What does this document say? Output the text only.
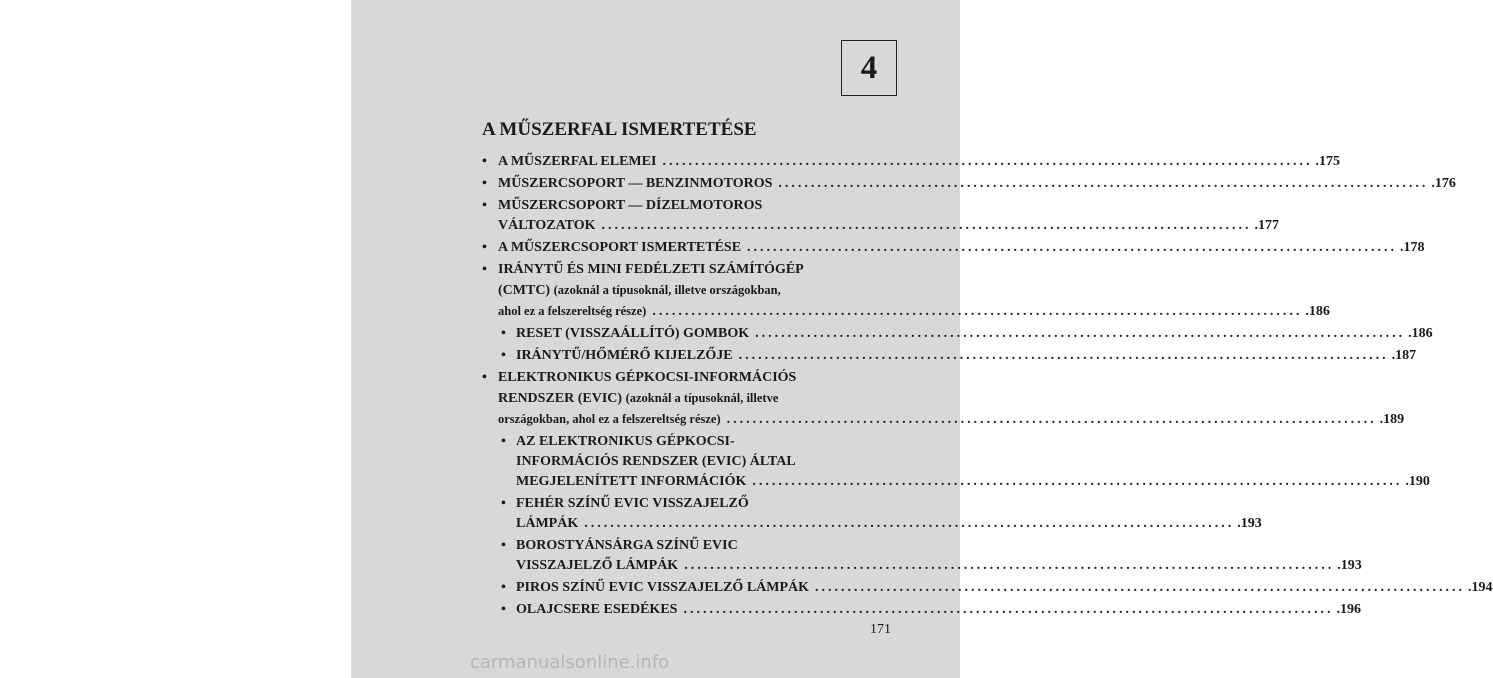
4
A MŰSZERFAL ISMERTETÉSE
• A MŰSZERFAL ELEMEI .................................................................................................... .175
• MŰSZERCSOPORT — BENZINMOTOROS .................................................................................................... .176
• MŰSZERCSOPORT — DÍZELMOTOROS
VÁLTOZATOK .................................................................................................... .177
• A MŰSZERCSOPORT ISMERTETÉSE .................................................................................................... .178
• IRÁNYTŰ ÉS MINI FEDÉLZETI SZÁMÍTÓGÉP
(CMTC) (azoknál a típusoknál, illetve országokban,
ahol ez a felszereltség része) .................................................................................................... .186
• RESET (VISSZAÁLLÍTÓ) GOMBOK .................................................................................................... .186
• IRÁNYTŰ/HŐMÉRŐ KIJELZŐJE .................................................................................................... .187
• ELEKTRONIKUS GÉPKOCSI-INFORMÁCIÓS
RENDSZER (EVIC) (azoknál a típusoknál, illetve
országokban, ahol ez a felszereltség része) .................................................................................................... .189
• AZ ELEKTRONIKUS GÉPKOCSI-
INFORMÁCIÓS RENDSZER (EVIC) ÁLTAL
MEGJELENÍTETT INFORMÁCIÓK .................................................................................................... .190
• FEHÉR SZÍNŰ EVIC VISSZAJELZŐ
LÁMPÁK .................................................................................................... .193
• BOROSTYÁNSÁRGA SZÍNŰ EVIC
VISSZAJELZŐ LÁMPÁK .................................................................................................... .193
• PIROS SZÍNŰ EVIC VISSZAJELZŐ LÁMPÁK .................................................................................................... .194
• OLAJCSERE ESEDÉKES .................................................................................................... .196
171
carmanualsonline.info
